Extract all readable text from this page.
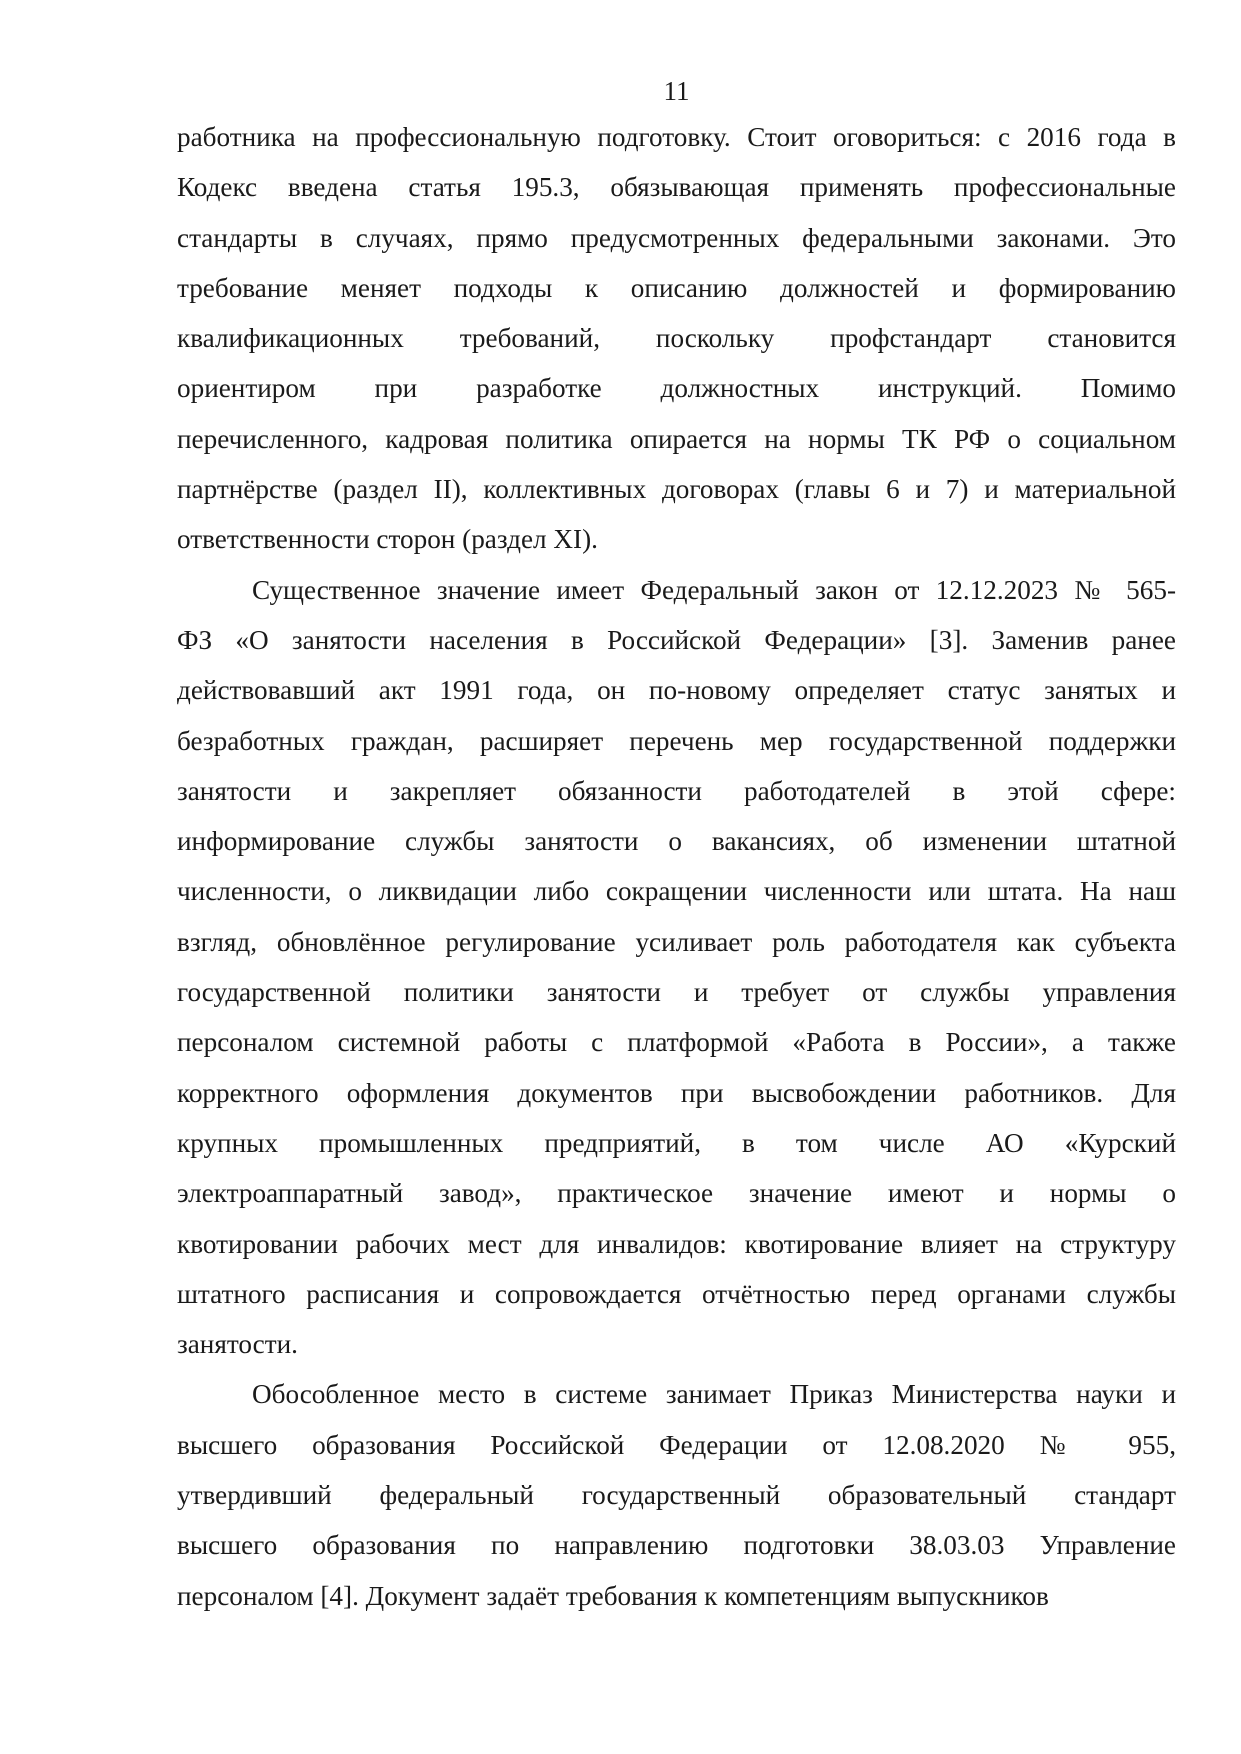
11
работника на профессиональную подготовку. Стоит оговориться: с 2016 года в
Кодекс введена статья 195.3, обязывающая применять профессиональные
стандарты в случаях, прямо предусмотренных федеральными законами. Это
требование меняет подходы к описанию должностей и формированию
квалификационных требований, поскольку профстандарт становится
ориентиром при разработке должностных инструкций. Помимо
перечисленного, кадровая политика опирается на нормы ТК РФ о социальном
партнёрстве (раздел II), коллективных договорах (главы 6 и 7) и материальной
ответственности сторон (раздел XI).
Существенное значение имеет Федеральный закон от 12.12.2023 № 565-
ФЗ «О занятости населения в Российской Федерации» [3]. Заменив ранее
действовавший акт 1991 года, он по-новому определяет статус занятых и
безработных граждан, расширяет перечень мер государственной поддержки
занятости и закрепляет обязанности работодателей в этой сфере:
информирование службы занятости о вакансиях, об изменении штатной
численности, о ликвидации либо сокращении численности или штата. На наш
взгляд, обновлённое регулирование усиливает роль работодателя как субъекта
государственной политики занятости и требует от службы управления
персоналом системной работы с платформой «Работа в России», а также
корректного оформления документов при высвобождении работников. Для
крупных промышленных предприятий, в том числе АО «Курский
электроаппаратный завод», практическое значение имеют и нормы о
квотировании рабочих мест для инвалидов: квотирование влияет на структуру
штатного расписания и сопровождается отчётностью перед органами службы
занятости.
Обособленное место в системе занимает Приказ Министерства науки и
высшего образования Российской Федерации от 12.08.2020 № 955,
утвердивший федеральный государственный образовательный стандарт
высшего образования по направлению подготовки 38.03.03 Управление
персоналом [4]. Документ задаёт требования к компетенциям выпускников
